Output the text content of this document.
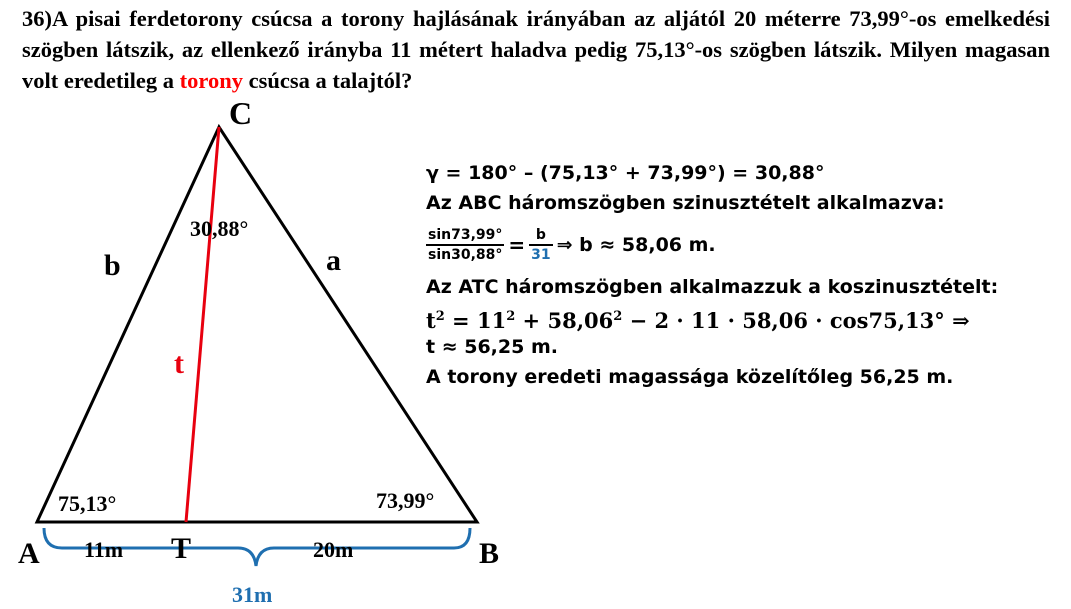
36)A pisai ferdetorony csúcsa a torony hajlásának irányában az aljától 20 méterre 73,99°-os emelkedési szögben látszik, az ellenkező irányba 11 métert haladva pedig 75,13°-os szögben látszik. Milyen magasan volt eredetileg a torony csúcsa a talajtól?
C
A	B
T
b	a
t
30,88°
75,13°	73,99°
11m	20m
31m
γ = 180° – (75,13° + 73,99°) = 30,88°
Az ABC háromszögben szinusztételt alkalmazva:
$\frac{\sin 73,99^\circ}{\sin 30,88^\circ} = \frac{b}{31}$ ⇒ b ≈ 58,06 m.
Az ATC háromszögben alkalmazzuk a koszinusztételt:
$t^2 = 11^2 + 58,06^2 - 2 \cdot 11 \cdot 58,06 \cdot \cos 75,13^\circ$ ⇒
t ≈ 56,25 m.
A torony eredeti magassága közelítőleg 56,25 m.
